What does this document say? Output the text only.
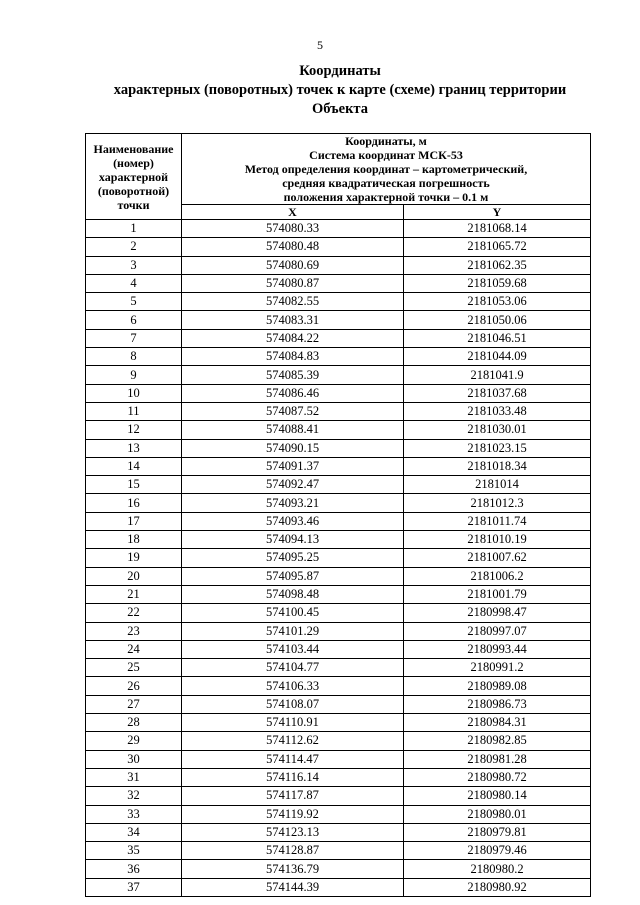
5
Координаты
характерных (поворотных) точек к карте (схеме) границ территории
Объекта
Наименование (номер) характерной (поворотной) точки	Координаты, м
Система координат МСК-53
Метод определения координат – картометрический,
средняя квадратическая погрешность
положения характерной точки – 0.1 м	

	X	Y
1	574080.33	2181068.14
2	574080.48	2181065.72
3	574080.69	2181062.35
4	574080.87	2181059.68
5	574082.55	2181053.06
6	574083.31	2181050.06
7	574084.22	2181046.51
8	574084.83	2181044.09
9	574085.39	2181041.9
10	574086.46	2181037.68
11	574087.52	2181033.48
12	574088.41	2181030.01
13	574090.15	2181023.15
14	574091.37	2181018.34
15	574092.47	2181014
16	574093.21	2181012.3
17	574093.46	2181011.74
18	574094.13	2181010.19
19	574095.25	2181007.62
20	574095.87	2181006.2
21	574098.48	2181001.79
22	574100.45	2180998.47
23	574101.29	2180997.07
24	574103.44	2180993.44
25	574104.77	2180991.2
26	574106.33	2180989.08
27	574108.07	2180986.73
28	574110.91	2180984.31
29	574112.62	2180982.85
30	574114.47	2180981.28
31	574116.14	2180980.72
32	574117.87	2180980.14
33	574119.92	2180980.01
34	574123.13	2180979.81
35	574128.87	2180979.46
36	574136.79	2180980.2
37	574144.39	2180980.92
